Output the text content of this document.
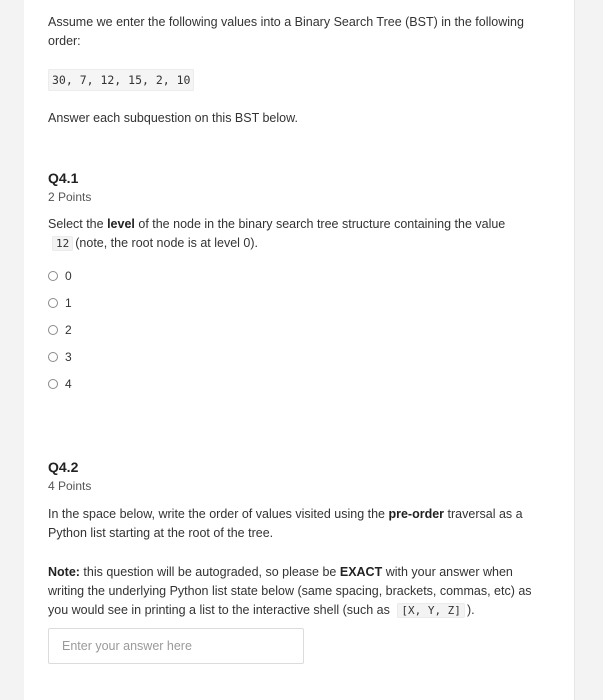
Assume we enter the following values into a Binary Search Tree (BST) in the following order:

30, 7, 12, 15, 2, 10

Answer each subquestion on this BST below.

Q4.1

2 Points

Select the level of the node in the binary search tree structure containing the value 12 (note, the root node is at level 0).

0
1
2
3
4

Q4.2

4 Points

In the space below, write the order of values visited using the pre-order traversal as a Python list starting at the root of the tree.

Note: this question will be autograded, so please be EXACT with your answer when writing the underlying Python list state below (same spacing, brackets, commas, etc) as you would see in printing a list to the interactive shell (such as [X, Y, Z] ).

Enter your answer here
